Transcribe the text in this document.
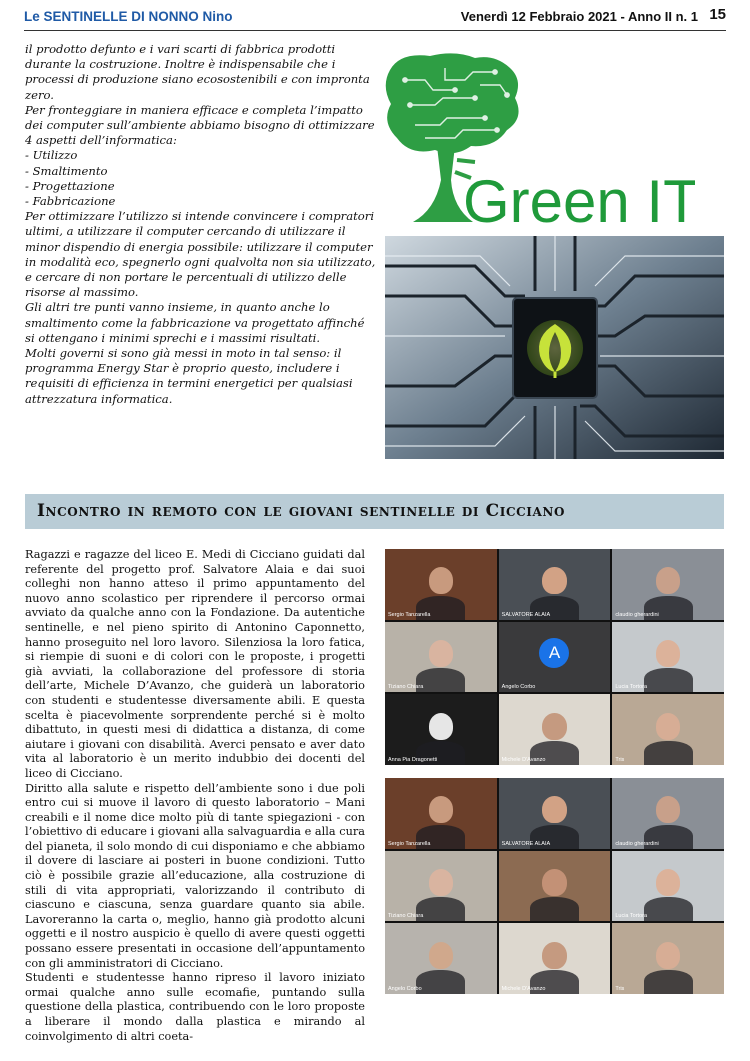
Le SENTINELLE DI NONNO Nino	Venerdì 12 Febbraio 2021 - Anno II n. 1 15

il prodotto defunto e i vari scarti di fabbrica prodotti durante la costruzione. Inoltre è indispensabile che i processi di produzione siano ecosostenibili e con impronta zero.

Per fronteggiare in maniera efficace e completa l’impatto dei computer sull’ambiente abbiamo bisogno di ottimizzare 4 aspetti dell’informatica:

- Utilizzo

- Smaltimento

- Progettazione

- Fabbricazione

Per ottimizzare l’utilizzo si intende convincere i compratori ultimi, a utilizzare il computer cercando di utilizzare il minor dispendio di energia possibile: utilizzare il computer in modalità eco, spegnerlo ogni qualvolta non sia utilizzato, e cercare di non portare le percentuali di utilizzo delle risorse al massimo.

Gli altri tre punti vanno insieme, in quanto anche lo smaltimento come la fabbricazione va progettato affinché si ottengano i minimi sprechi e i massimi risultati.

Molti governi si sono già messi in moto in tal senso: il programma Energy Star è proprio questo, includere i requisiti di efficienza in termini energetici per qualsiasi attrezzatura informatica.

Green IT
Incontro in remoto con le giovani sentinelle di Cicciano

Ragazzi e ragazze del liceo E. Medi di Cicciano guidati dal referente del progetto prof. Salvatore Alaia e dai suoi colleghi non hanno atteso il primo appuntamento del nuovo anno scolastico per riprendere il percorso ormai avviato da qualche anno con la Fondazione. Da autentiche sentinelle, e nel pieno spirito di Antonino Caponnetto, hanno proseguito nel loro lavoro. Silenziosa la loro fatica, si riempie di suoni e di colori con le proposte, i progetti già avviati, la collaborazione del professore di storia dell’arte, Michele D’Avanzo, che guiderà un laboratorio con studenti e studentesse diversamente abili. E questa scelta è piacevolmente sorprendente perché si è molto dibattuto, in questi mesi di didattica a distanza, di come aiutare i giovani con disabilità. Averci pensato e aver dato vita al laboratorio è un merito indubbio dei docenti del liceo di Cicciano.

Diritto alla salute e rispetto dell’ambiente sono i due poli entro cui si muove il lavoro di questo laboratorio – Mani creabili e il nome dice molto più di tante spiegazioni - con l’obiettivo di educare i giovani alla salvaguardia e alla cura del pianeta, il solo mondo di cui disponiamo e che abbiamo il dovere di lasciare ai posteri in buone condizioni. Tutto ciò è possibile grazie all’educazione, alla costruzione di stili di vita appropriati, valorizzando il contributo di ciascuno e ciascuna, senza guardare quanto sia abile. Lavoreranno la carta o, meglio, hanno già prodotto alcuni oggetti e il nostro auspicio è quello di avere questi oggetti possano essere presentati in occasione dell’appuntamento con gli amministratori di Cicciano.

Studenti e studentesse hanno ripreso il lavoro iniziato ormai qualche anno sulle ecomafie, puntando sulla questione della plastica, contribuendo con le loro proposte a liberare il mondo dalla plastica e mirando al coinvolgimento di altri coeta-

Sergio Tanzarella	SALVATORE ALAIA	claudio gherardini
Tiziano Chiara
A
Angelo Corbo	Lucia Tortora
Anna Pia Dragonetti	Michele D'Avanzo	Tris
Sergio Tanzarella	SALVATORE ALAIA	claudio gherardini
Tiziano Chiara	Lucia Tortora
Angelo Corbo	Michele D'Avanzo	Tris
